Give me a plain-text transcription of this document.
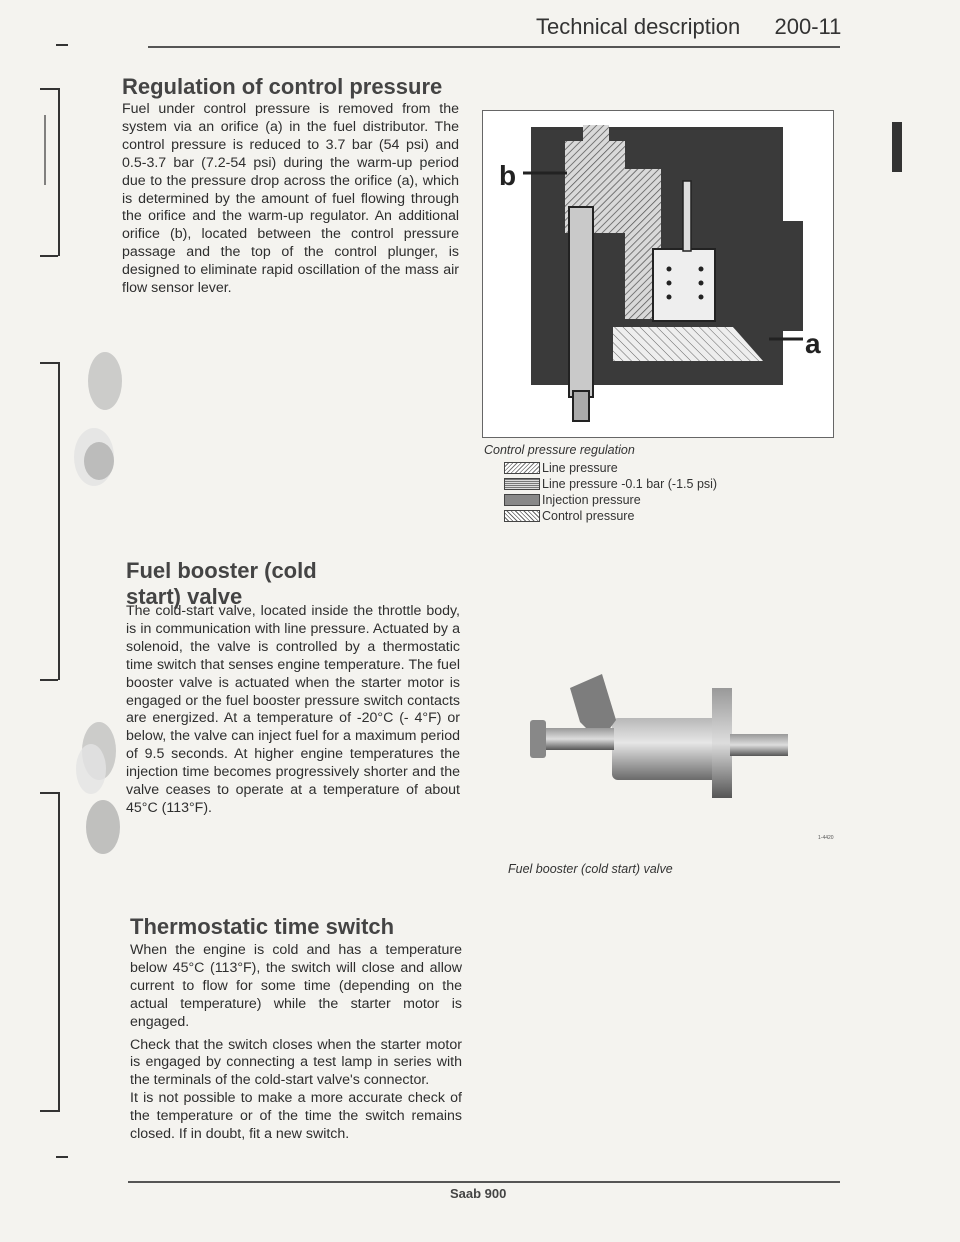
Technical description 200-11
Regulation of control pressure

Fuel under control pressure is removed from the system via an orifice (a) in the fuel distributor. The control pressure is reduced to 3.7 bar (54 psi) and 0.5-3.7 bar (7.2-54 psi) during the warm-up period due to the pressure drop across the orifice (a), which is determined by the amount of fuel flowing through the orifice and the warm-up regulator. An additional orifice (b), located between the control pressure passage and the top of the control plunger, is designed to eliminate rapid oscillation of the mass air flow sensor lever.

b
a
Control pressure regulation
Line pressure
Line pressure -0.1 bar (-1.5 psi)
Injection pressure
Control pressure
Fuel booster (cold
start) valve

The cold-start valve, located inside the throttle body, is in communication with line pressure. Actuated by a solenoid, the valve is controlled by a thermostatic time switch that senses engine temperature. The fuel booster valve is actuated when the starter motor is engaged or the fuel booster pressure switch contacts are energized. At a temperature of -20°C (- 4°F) or below, the valve can inject fuel for a maximum period of 9.5 seconds. At higher engine temperatures the injection time becomes progressively shorter and the valve ceases to operate at a temperature of about 45°C (113°F).

1-4420
Fuel booster (cold start) valve
Thermostatic time switch

When the engine is cold and has a temperature below 45°C (113°F), the switch will close and allow current to flow for some time (depending on the actual temperature) while the starter motor is engaged.

Check that the switch closes when the starter motor is engaged by connecting a test lamp in series with the terminals of the cold-start valve's connector.

It is not possible to make a more accurate check of the temperature or of the time the switch remains closed. If in doubt, fit a new switch.

Saab 900
